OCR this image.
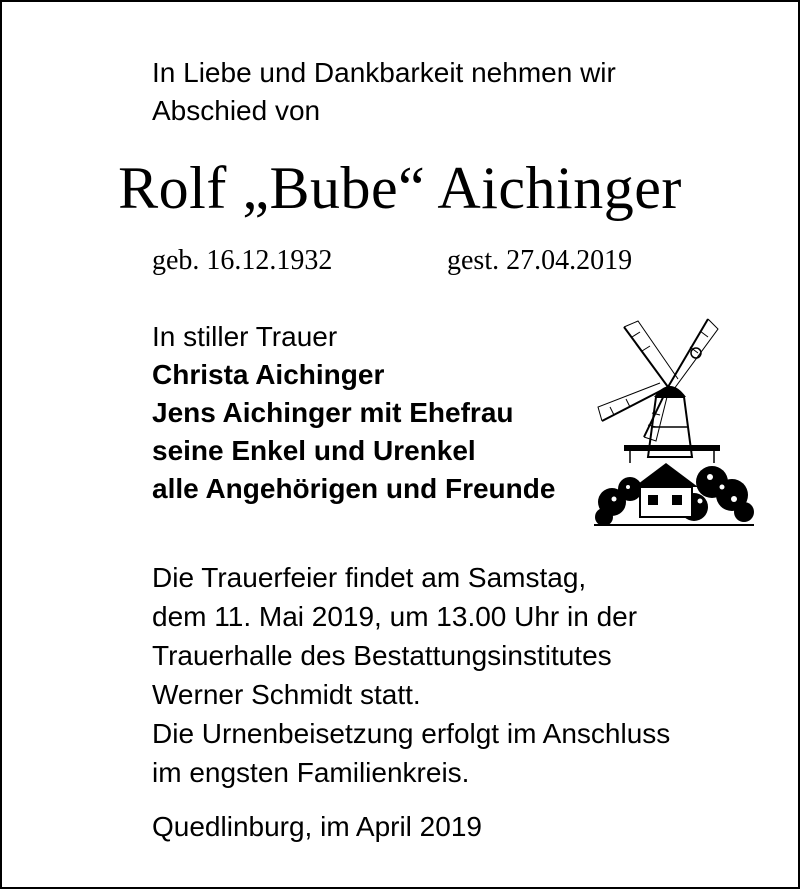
In Liebe und Dankbarkeit nehmen wir
Abschied von
Rolf „Bube“ Aichinger
geb. 16.12.1932	gest. 27.04.2019
In stiller Trauer
Christa Aichinger
Jens Aichinger mit Ehefrau
seine Enkel und Urenkel
alle Angehörigen und Freunde
Die Trauerfeier findet am Samstag,
dem 11. Mai 2019, um 13.00 Uhr in der
Trauerhalle des Bestattungsinstitutes
Werner Schmidt statt.
Die Urnenbeisetzung erfolgt im Anschluss
im engsten Familienkreis.
Quedlinburg, im April 2019
